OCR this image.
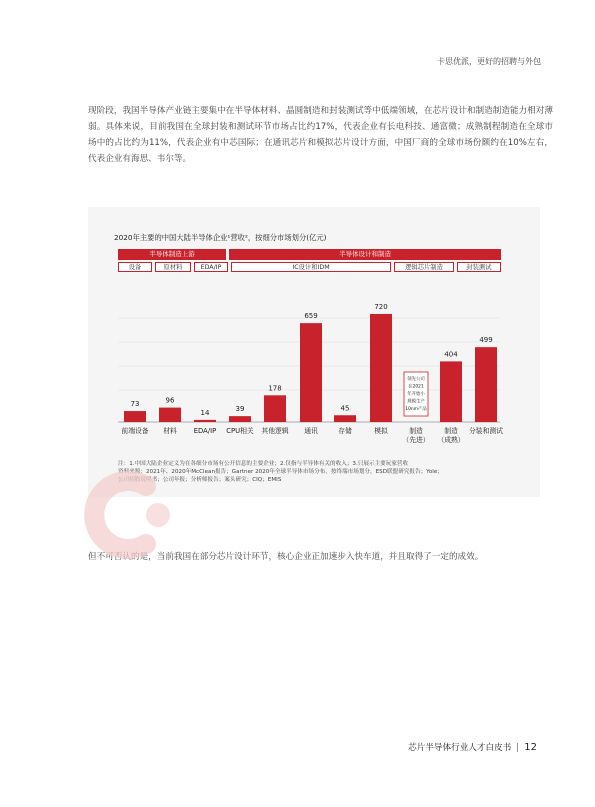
卡思优派，更好的招聘与外包
现阶段，我国半导体产业链主要集中在半导体材料、晶圆制造和封装测试等中低端领域，在芯片设计和制造制造能力相对薄弱。具体来说，目前我国在全球封装和测试环节市场占比约17%，代表企业有长电科技、通富微；成熟制程制造在全球市场中的占比约为11%，代表企业有中芯国际；在通讯芯片和模拟芯片设计方面，中国厂商的全球市场份额约在10%左右，代表企业有海思、韦尔等。
2020年主要的中国大陆半导体企业¹营收²，按细分市场划分(亿元)
半导体制造上游	半导体设计和制造
设备	原材料	EDA/IP	IC设计和IDM	逻辑芯片制造	封装测试
73
前端设备
96
材料
14
EDA/IP
39
CPU相关
178
其他逻辑
659
通讯
45
存储
720
模拟	制造（先进）
404
制造（成熟）
499
分装和测试
领先公司在2021 年开始小规模生产 10nm产品
注：1.中国大陆企业定义为在各细分市场有公开信息的主要企业；2.仅指与半导体有关的收入；3.只展示主要玩家营收
资料来源：2021年、2020年McClean报告；Gartner 2020年全球半导体市场分布，按终端市场划分，ESD联盟研究报告；Yole；
公司招股说明书；公司年报；分析师报告；案头研究；CIQ；EMIS
但不可否认的是，当前我国在部分芯片设计环节，核心企业正加速步入快车道，并且取得了一定的成效。
芯片半导体行业人才白皮书 12
